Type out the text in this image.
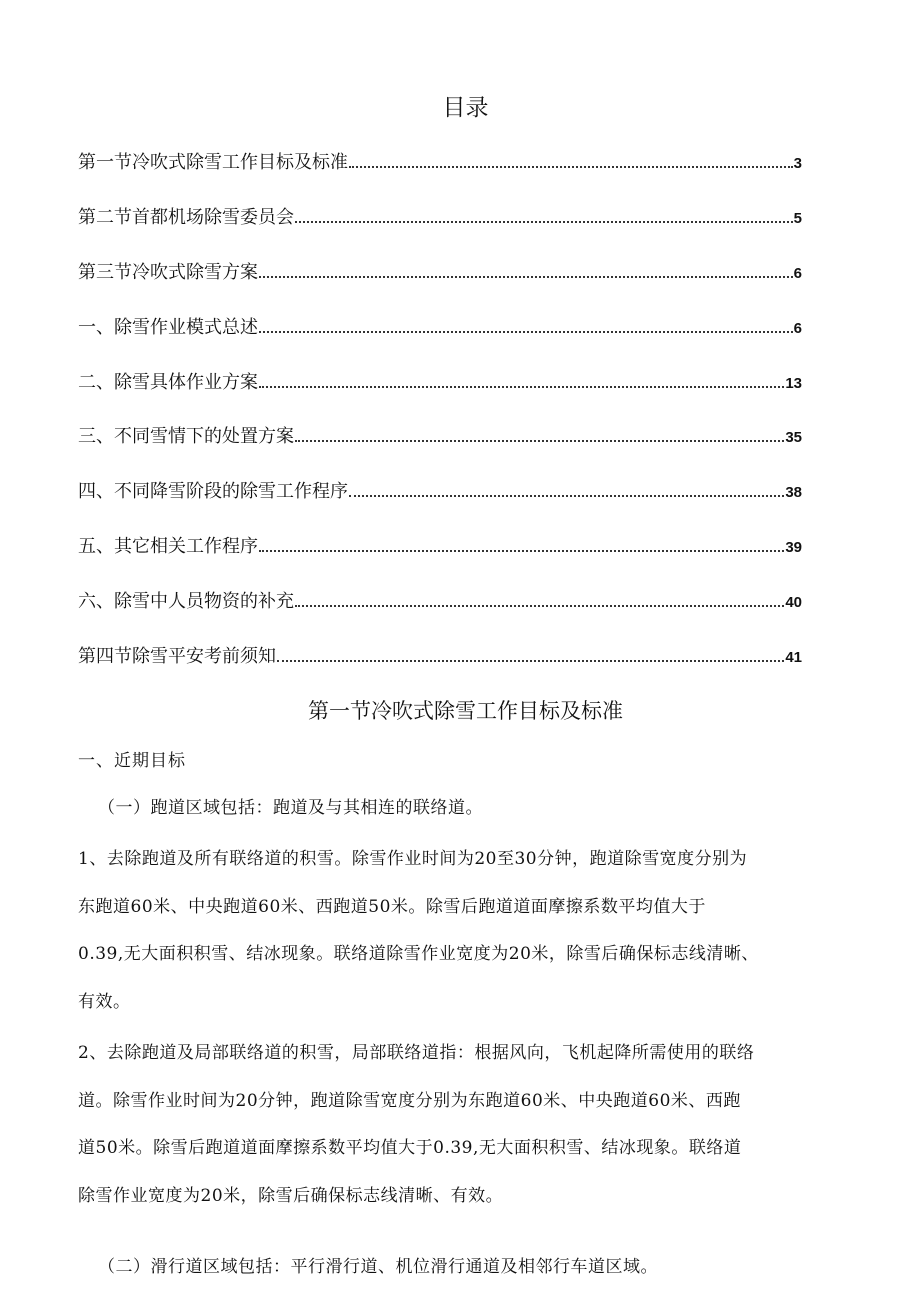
目录
第一节冷吹式除雪工作目标及标准	3
第二节首都机场除雪委员会	5
第三节冷吹式除雪方案	6
一、除雪作业模式总述	6
二、除雪具体作业方案	13
三、不同雪情下的处置方案	35
四、不同降雪阶段的除雪工作程序	38
五、其它相关工作程序	39
六、除雪中人员物资的补充	40
第四节除雪平安考前须知	41
第一节冷吹式除雪工作目标及标准
一、近期目标
（一）跑道区域包括：跑道及与其相连的联络道。
1、去除跑道及所有联络道的积雪。除雪作业时间为20至30分钟，跑道除雪宽度分别为
东跑道60米、中央跑道60米、西跑道50米。除雪后跑道道面摩擦系数平均值大于
0.39,无大面积积雪、结冰现象。联络道除雪作业宽度为20米，除雪后确保标志线清晰、
有效。
2、去除跑道及局部联络道的积雪，局部联络道指：根据风向，飞机起降所需使用的联络
道。除雪作业时间为20分钟，跑道除雪宽度分别为东跑道60米、中央跑道60米、西跑
道50米。除雪后跑道道面摩擦系数平均值大于0.39,无大面积积雪、结冰现象。联络道
除雪作业宽度为20米，除雪后确保标志线清晰、有效。
（二）滑行道区域包括：平行滑行道、机位滑行通道及相邻行车道区域。
